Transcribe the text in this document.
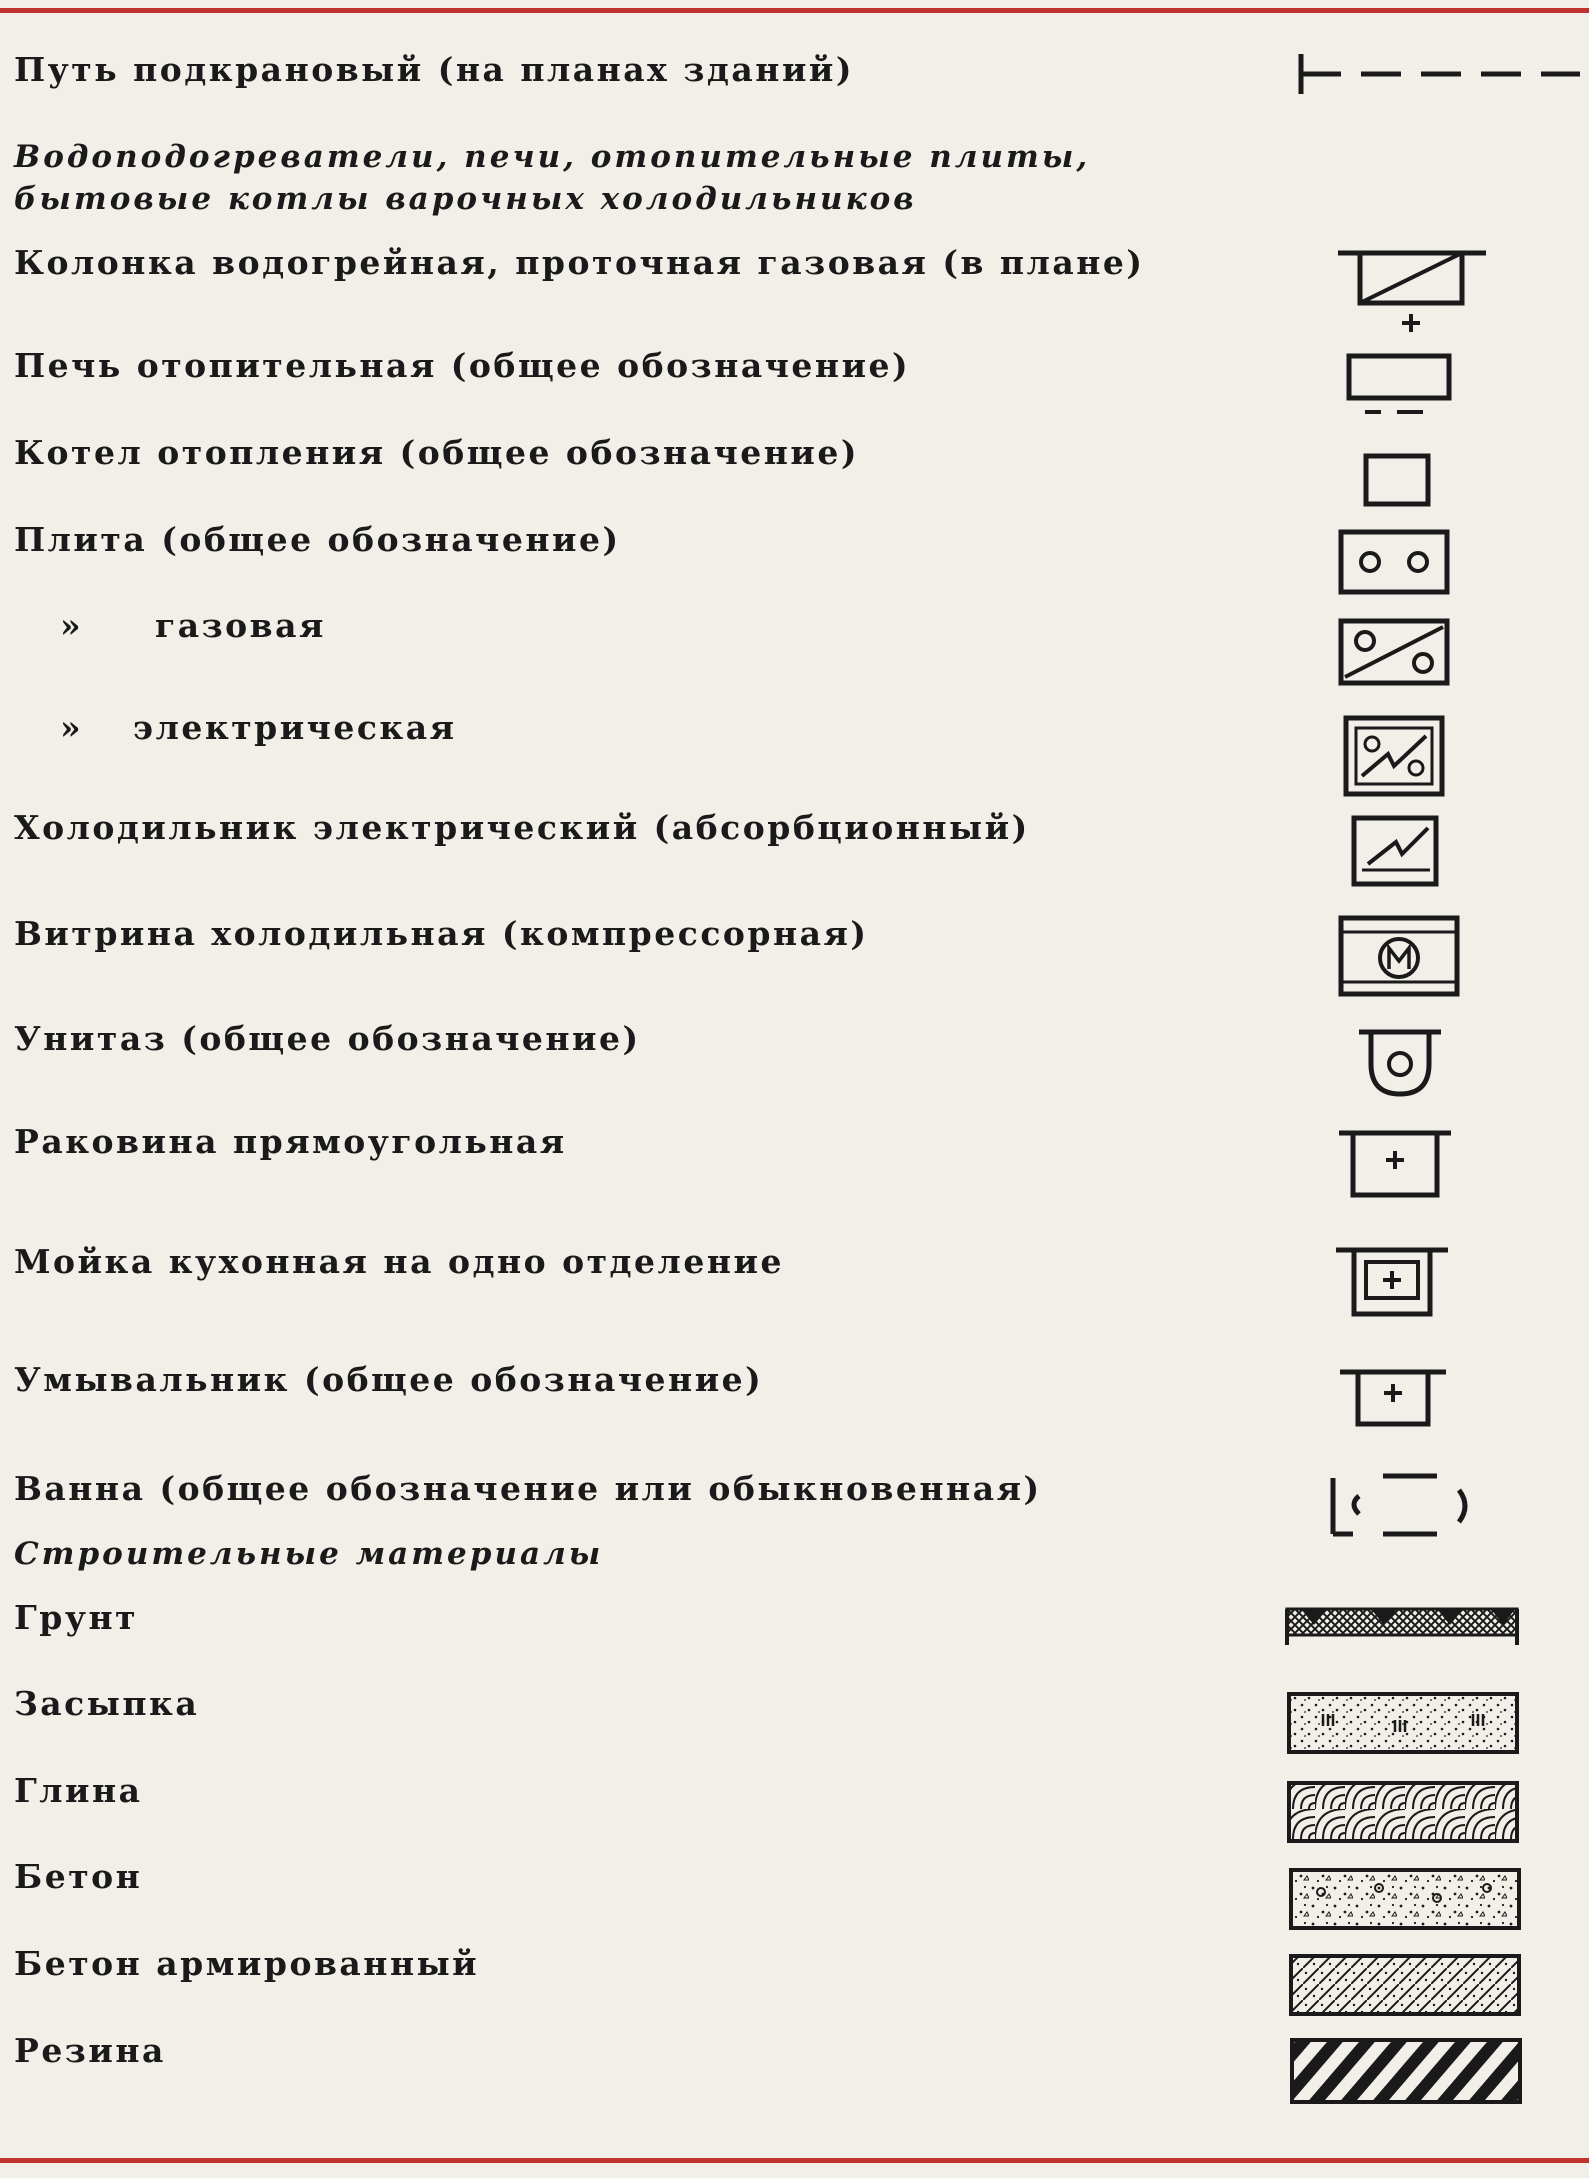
Путь подкрановый (на планах зданий)
Водоподогреватели, печи, отопительные плиты, бытовые котлы варочных холодильников
Колонка водогрейная, проточная газовая (в плане)
Печь отопительная (общее обозначение)
Котел отопления (общее обозначение)
Плита (общее обозначение)
» газовая
» электрическая
Холодильник электрический (абсорбционный)
Витрина холодильная (компрессорная)
Унитаз (общее обозначение)
Раковина прямоугольная
Мойка кухонная на одно отделение
Умывальник (общее обозначение)
Ванна (общее обозначение или обыкновенная)
Строительные материалы
Грунт
Засыпка
Глина
Бетон
Бетон армированный
Резина
